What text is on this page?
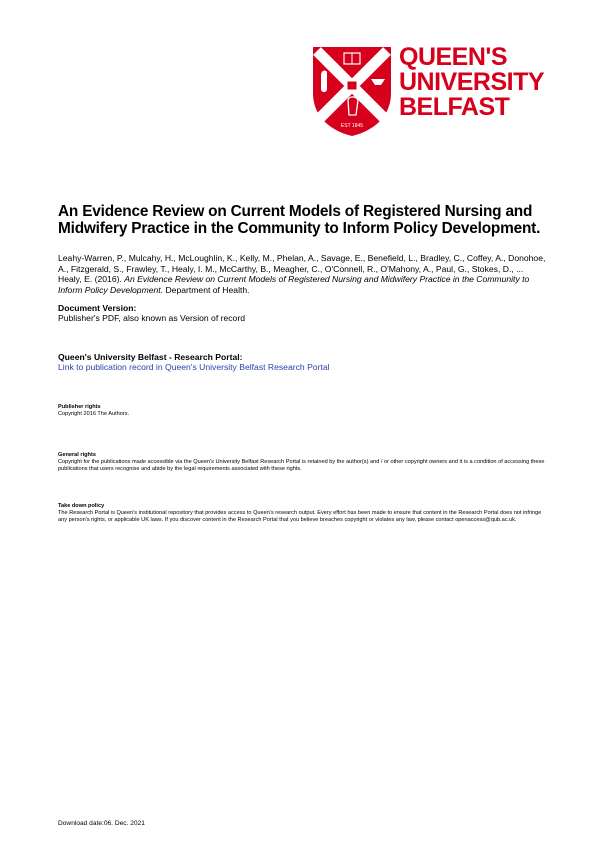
EST 1845
QUEEN'S
UNIVERSITY
BELFAST
An Evidence Review on Current Models of Registered Nursing and Midwifery Practice in the Community to Inform Policy Development.
Leahy-Warren, P., Mulcahy, H., McLoughlin, K., Kelly, M., Phelan, A., Savage, E., Benefield, L., Bradley, C., Coffey, A., Donohoe, A., Fitzgerald, S., Frawley, T., Healy, I. M., McCarthy, B., Meagher, C., O'Connell, R., O'Mahony, A., Paul, G., Stokes, D., ... Healy, E. (2016). An Evidence Review on Current Models of Registered Nursing and Midwifery Practice in the Community to Inform Policy Development. Department of Health.
Document Version:
Publisher's PDF, also known as Version of record
Queen's University Belfast - Research Portal:
Link to publication record in Queen's University Belfast Research Portal
Publisher rights
Copyright 2016 The Authors.
General rights
Copyright for the publications made accessible via the Queen's University Belfast Research Portal is retained by the author(s) and / or other copyright owners and it is a condition of accessing these publications that users recognise and abide by the legal requirements associated with these rights.
Take down policy
The Research Portal is Queen's institutional repository that provides access to Queen's research output. Every effort has been made to ensure that content in the Research Portal does not infringe any person's rights, or applicable UK laws. If you discover content in the Research Portal that you believe breaches copyright or violates any law, please contact openaccess@qub.ac.uk.
Download date:06. Dec. 2021
